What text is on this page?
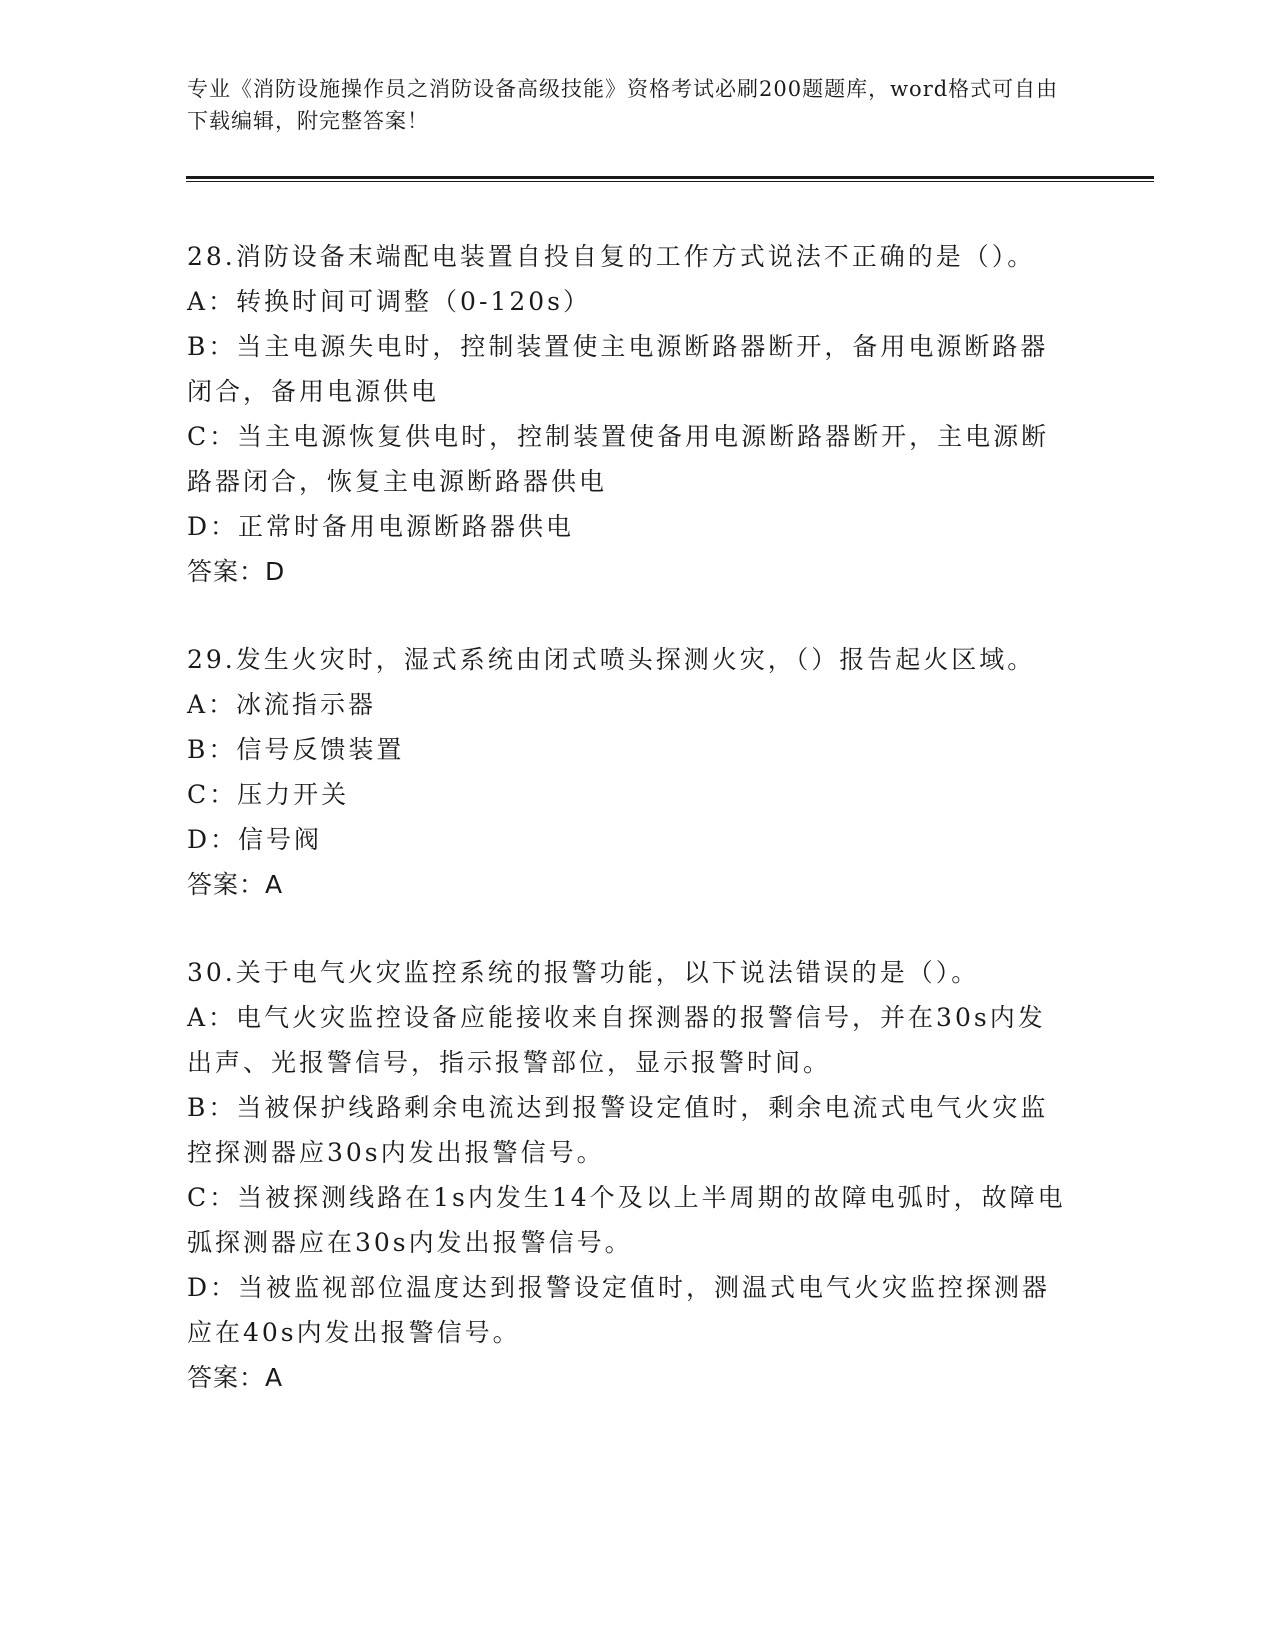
专业《消防设施操作员之消防设备高级技能》资格考试必刷200题题库，word格式可自由下载编辑，附完整答案！
28.消防设备末端配电装置自投自复的工作方式说法不正确的是（）。
A：转换时间可调整（0-120s）
B：当主电源失电时，控制装置使主电源断路器断开，备用电源断路器闭合，备用电源供电
C：当主电源恢复供电时，控制装置使备用电源断路器断开，主电源断路器闭合，恢复主电源断路器供电
D：正常时备用电源断路器供电
答案：D
29.发生火灾时，湿式系统由闭式喷头探测火灾，（）报告起火区域。
A：冰流指示器
B：信号反馈装置
C：压力开关
D：信号阀
答案：A
30.关于电气火灾监控系统的报警功能，以下说法错误的是（）。
A：电气火灾监控设备应能接收来自探测器的报警信号，并在30s内发出声、光报警信号，指示报警部位，显示报警时间。
B：当被保护线路剩余电流达到报警设定值时，剩余电流式电气火灾监控探测器应30s内发出报警信号。
C：当被探测线路在1s内发生14个及以上半周期的故障电弧时，故障电弧探测器应在30s内发出报警信号。
D：当被监视部位温度达到报警设定值时，测温式电气火灾监控探测器应在40s内发出报警信号。
答案：A
